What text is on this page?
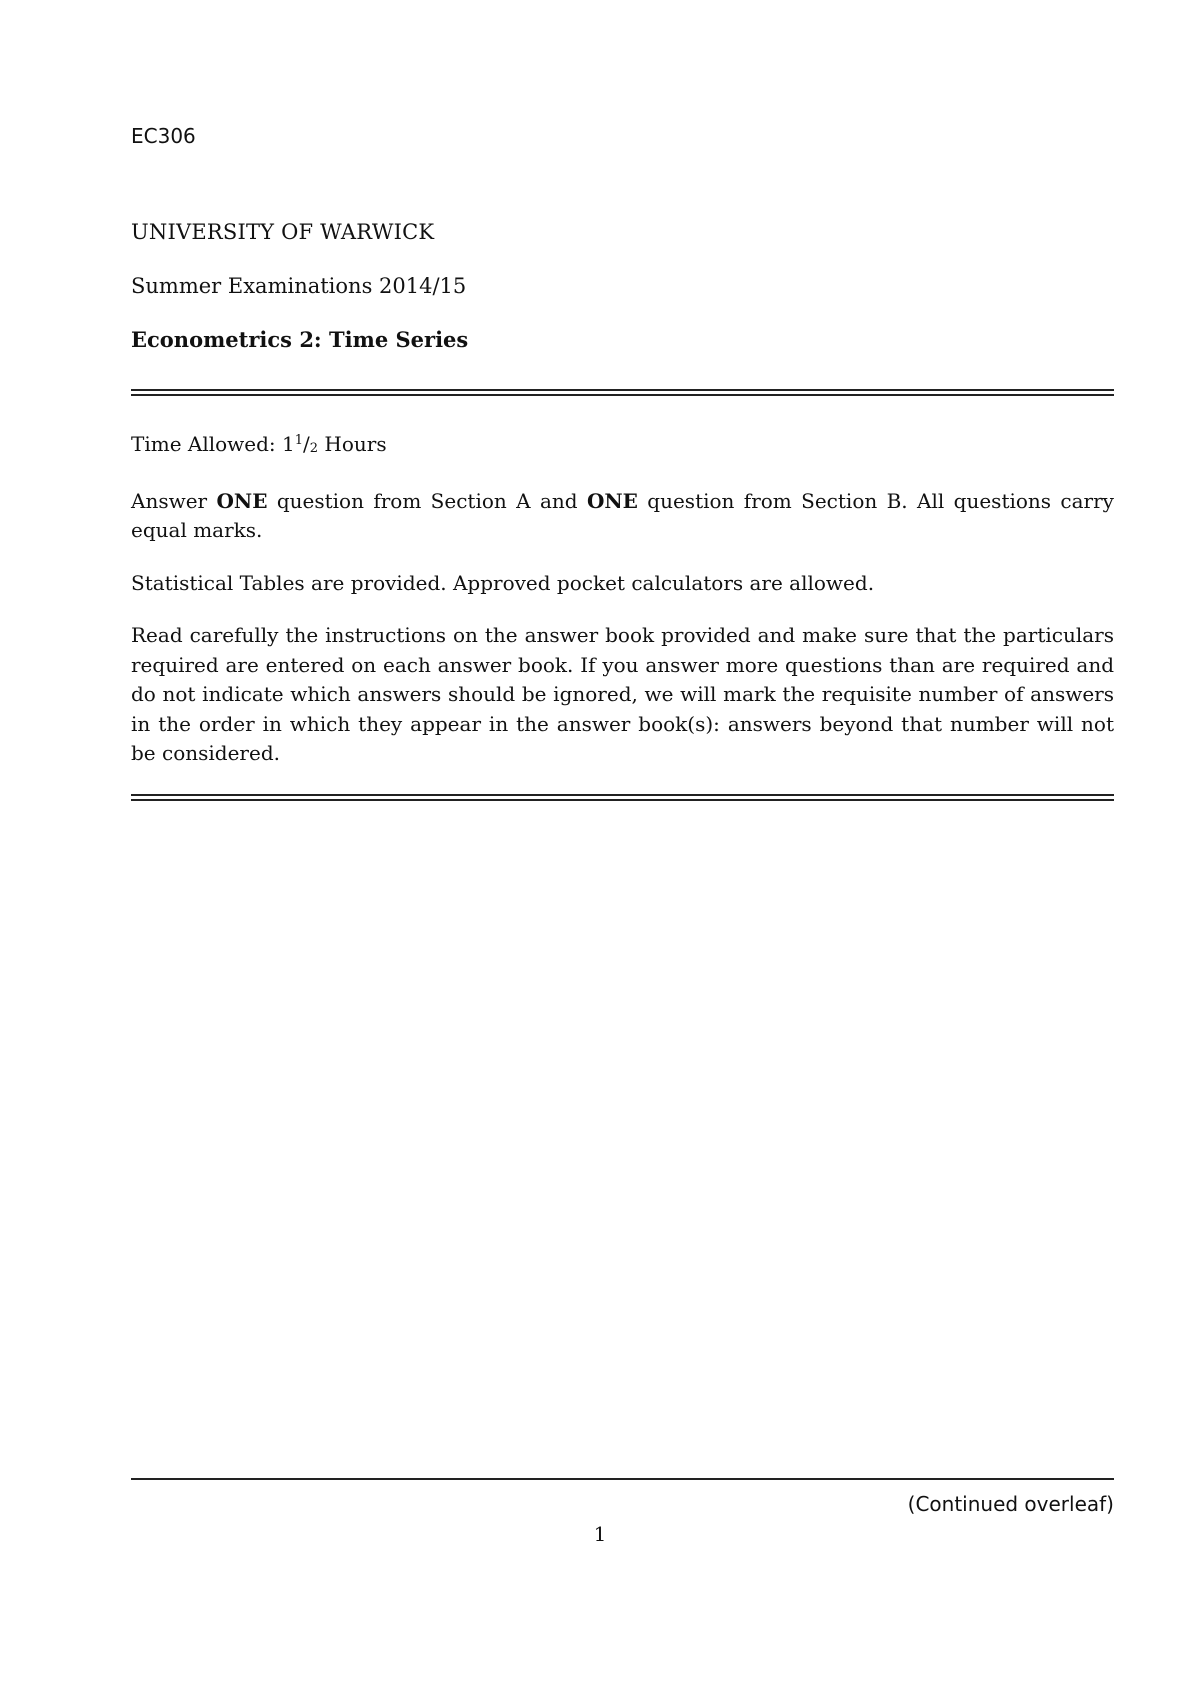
EC306
UNIVERSITY OF WARWICK
Summer Examinations 2014/15
Econometrics 2: Time Series

Time Allowed: $1^1/_2$ Hours

Answer ONE question from Section A and ONE question from Section B. All questions carry equal marks.

Statistical Tables are provided. Approved pocket calculators are allowed.

Read carefully the instructions on the answer book provided and make sure that the particulars required are entered on each answer book. If you answer more questions than are required and do not indicate which answers should be ignored, we will mark the requisite number of answers in the order in which they appear in the answer book(s): answers beyond that number will not be considered.

(Continued overleaf)
1
